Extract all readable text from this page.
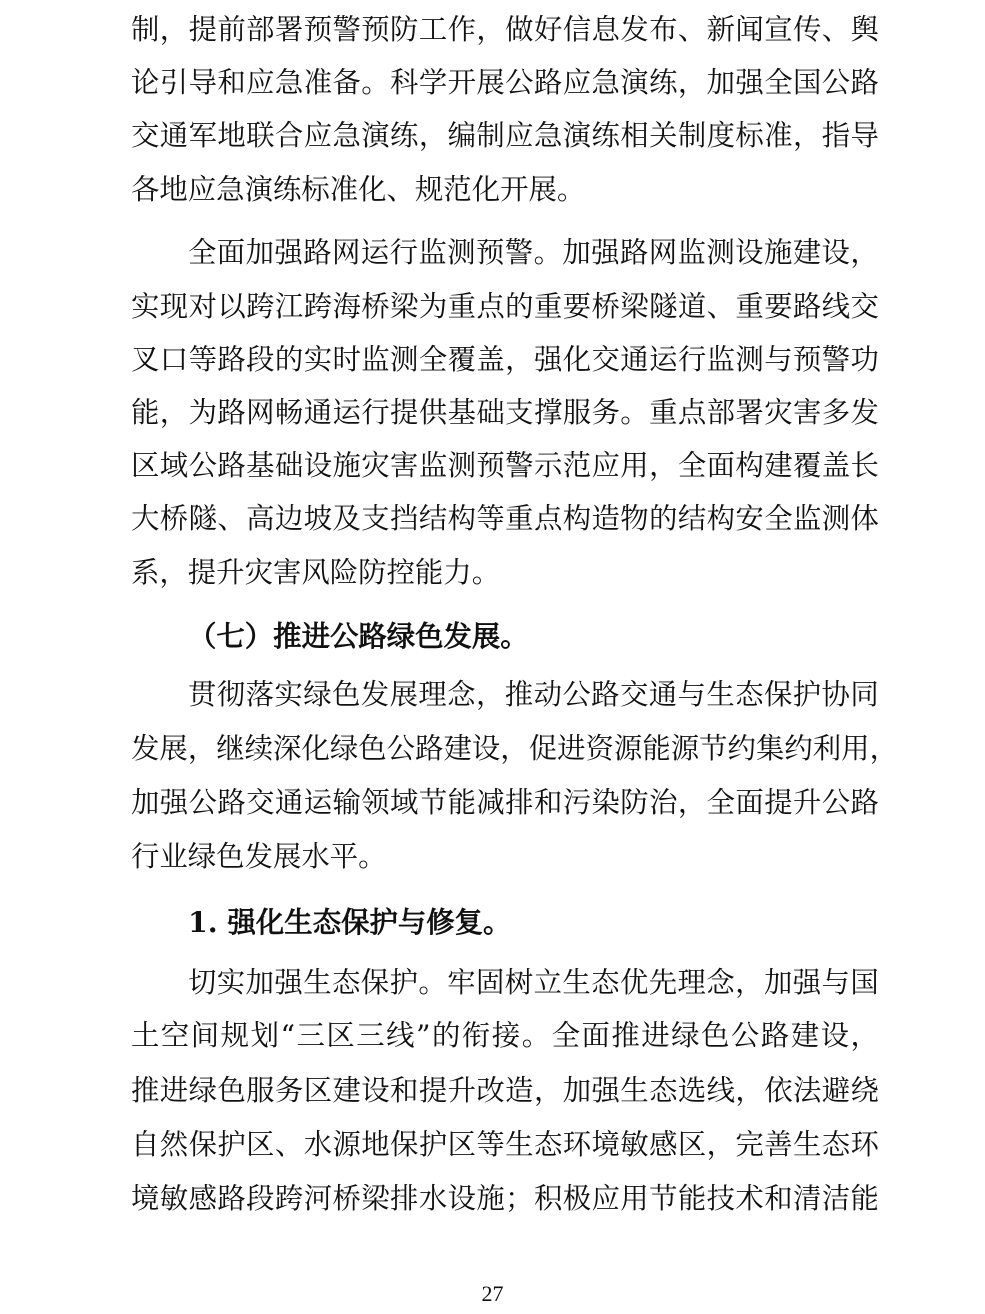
制 ， 提 前 部 署 预 警 预 防 工 作 ， 做 好 信 息 发 布 、 新 闻 宣 传 、 舆
论 引 导 和 应 急 准 备 。 科 学 开 展 公 路 应 急 演 练 ， 加 强 全 国 公 路
交 通 军 地 联 合 应 急 演 练 ， 编 制 应 急 演 练 相 关 制 度 标 准 ， 指 导
各地应急演练标准化、规范化开展。
全 面 加 强 路 网 运 行 监 测 预 警 。 加 强 路 网 监 测 设 施 建 设 ，
实 现 对 以 跨 江 跨 海 桥 梁 为 重 点 的 重 要 桥 梁 隧 道 、 重 要 路 线 交
叉 口 等 路 段 的 实 时 监 测 全 覆 盖 ， 强 化 交 通 运 行 监 测 与 预 警 功
能 ， 为 路 网 畅 通 运 行 提 供 基 础 支 撑 服 务 。 重 点 部 署 灾 害 多 发
区 域 公 路 基 础 设 施 灾 害 监 测 预 警 示 范 应 用 ， 全 面 构 建 覆 盖 长
大 桥 隧 、 高 边 坡 及 支 挡 结 构 等 重 点 构 造 物 的 结 构 安 全 监 测 体
系，提升灾害风险防控能力。
（七）推进公路绿色发展。
贯 彻 落 实 绿 色 发 展 理 念 ， 推 动 公 路 交 通 与 生 态 保 护 协 同
发 展 ， 继 续 深 化 绿 色 公 路 建 设 ， 促 进 资 源 能 源 节 约 集 约 利 用 ，
加 强 公 路 交 通 运 输 领 域 节 能 减 排 和 污 染 防 治 ， 全 面 提 升 公 路
行业绿色发展水平。
1. 强化生态保护与修复。
切 实 加 强 生 态 保 护 。 牢 固 树 立 生 态 优 先 理 念 ， 加 强 与 国
土 空 间 规 划 “ 三 区 三 线 ” 的 衔 接 。 全 面 推 进 绿 色 公 路 建 设 ，
推 进 绿 色 服 务 区 建 设 和 提 升 改 造 ， 加 强 生 态 选 线 ， 依 法 避 绕
自 然 保 护 区 、 水 源 地 保 护 区 等 生 态 环 境 敏 感 区 ， 完 善 生 态 环
境 敏 感 路 段 跨 河 桥 梁 排 水 设 施 ； 积 极 应 用 节 能 技 术 和 清 洁 能
27
